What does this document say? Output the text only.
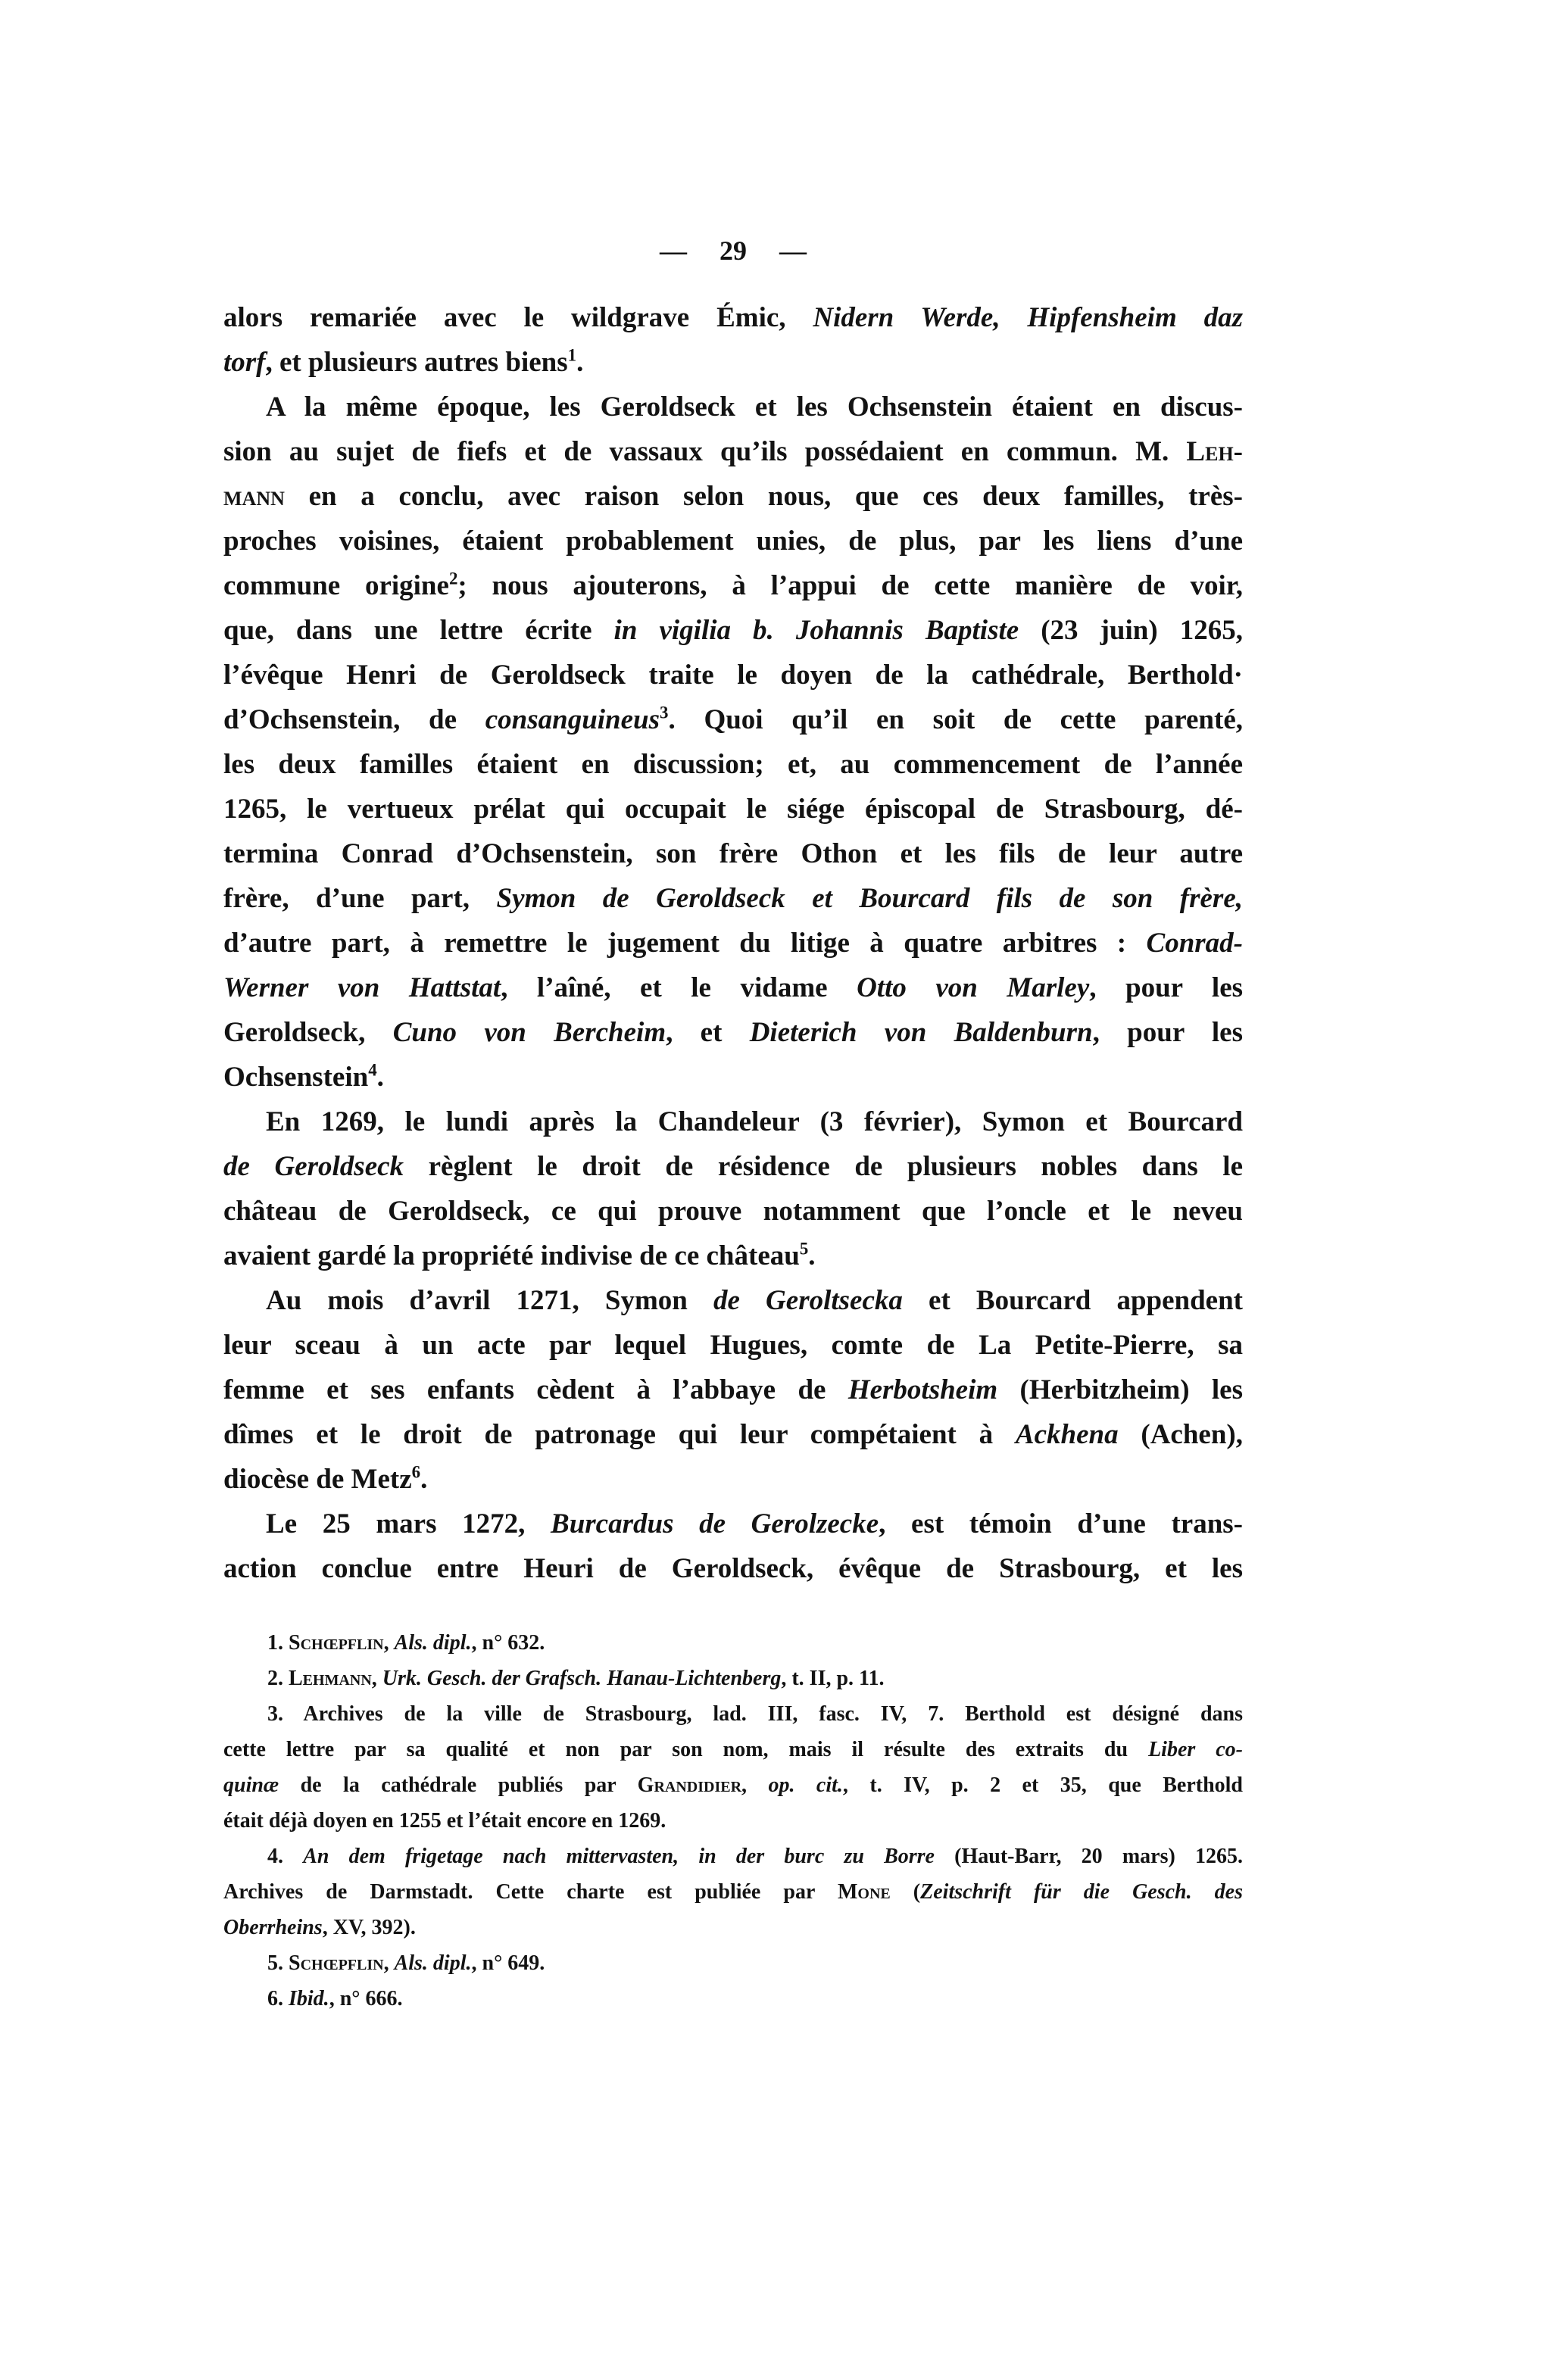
— 29 —
alors remariée avec le wildgrave Émic, Nidern Werde, Hipfensheim daz
torf, et plusieurs autres biens$^1$.
A la même époque, les Geroldseck et les Ochsenstein étaient en discus-
sion au sujet de fiefs et de vassaux qu’ils possédaient en commun. M. Leh-
mann en a conclu, avec raison selon nous, que ces deux familles, très-
proches voisines, étaient probablement unies, de plus, par les liens d’une
commune origine$^2$; nous ajouterons, à l’appui de cette manière de voir,
que, dans une lettre écrite in vigilia b. Johannis Baptiste (23 juin) 1265,
l’évêque Henri de Geroldseck traite le doyen de la cathédrale, Berthold·
d’Ochsenstein, de consanguineus$^3$. Quoi qu’il en soit de cette parenté,
les deux familles étaient en discussion; et, au commencement de l’année
1265, le vertueux prélat qui occupait le siége épiscopal de Strasbourg, dé-
termina Conrad d’Ochsenstein, son frère Othon et les fils de leur autre
frère, d’une part, Symon de Geroldseck et Bourcard fils de son frère,
d’autre part, à remettre le jugement du litige à quatre arbitres : Conrad-
Werner von Hattstat, l’aîné, et le vidame Otto von Marley, pour les
Geroldseck, Cuno von Bercheim, et Dieterich von Baldenburn, pour les
Ochsenstein$^4$.
En 1269, le lundi après la Chandeleur (3 février), Symon et Bourcard
de Geroldseck règlent le droit de résidence de plusieurs nobles dans le
château de Geroldseck, ce qui prouve notamment que l’oncle et le neveu
avaient gardé la propriété indivise de ce château$^5$.
Au mois d’avril 1271, Symon de Geroltsecka et Bourcard appendent
leur sceau à un acte par lequel Hugues, comte de La Petite-Pierre, sa
femme et ses enfants cèdent à l’abbaye de Herbotsheim (Herbitzheim) les
dîmes et le droit de patronage qui leur compétaient à Ackhena (Achen),
diocèse de Metz$^6$.
Le 25 mars 1272, Burcardus de Gerolzecke, est témoin d’une trans-
action conclue entre Heuri de Geroldseck, évêque de Strasbourg, et les
1. Schœpflin, Als. dipl., n° 632.
2. Lehmann, Urk. Gesch. der Grafsch. Hanau-Lichtenberg, t. II, p. 11.
3. Archives de la ville de Strasbourg, lad. III, fasc. IV, 7. Berthold est désigné dans
cette lettre par sa qualité et non par son nom, mais il résulte des extraits du Liber co-
quinæ de la cathédrale publiés par Grandidier, op. cit., t. IV, p. 2 et 35, que Berthold
était déjà doyen en 1255 et l’était encore en 1269.
4. An dem frigetage nach mittervasten, in der burc zu Borre (Haut-Barr, 20 mars) 1265.
Archives de Darmstadt. Cette charte est publiée par Mone (Zeitschrift für die Gesch. des
Oberrheins, XV, 392).
5. Schœpflin, Als. dipl., n° 649.
6. Ibid., n° 666.
